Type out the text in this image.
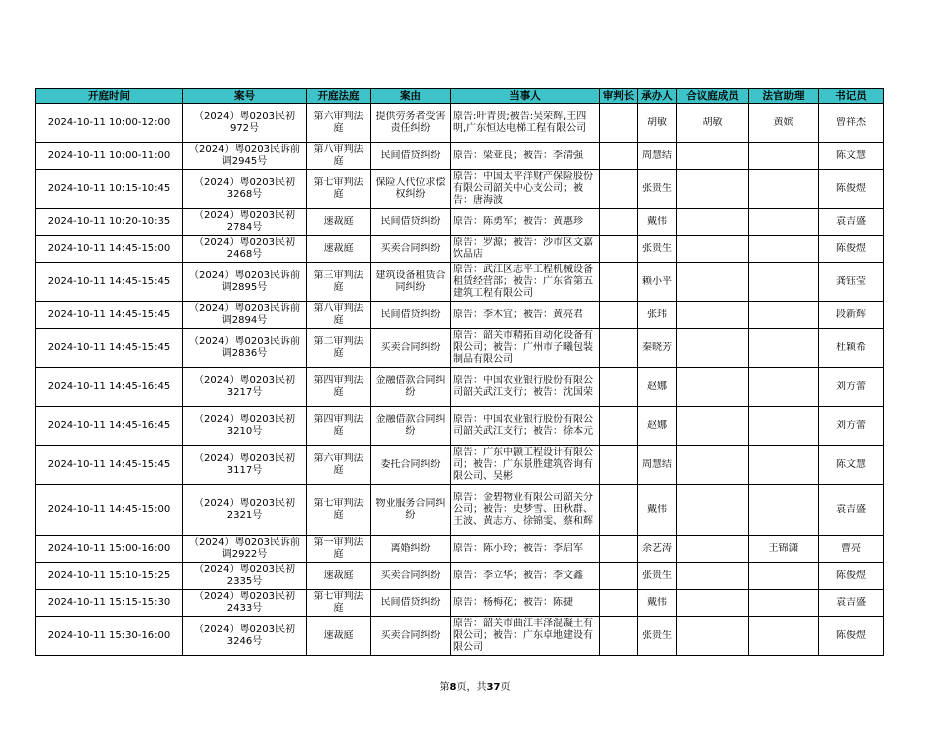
开庭时间	案号	开庭法庭	案由	当事人	审判长	承办人	合议庭成员	法官助理	书记员

2024-10-11 10:00-12:00	（2024）粤0203民初972号	第六审判法庭	提供劳务者受害责任纠纷	原告:叶青贵;被告:吴荣辉,王四明,广东恒达电梯工程有限公司		胡敏	胡敏	黄嫔	曾祥杰

2024-10-11 10:00-11:00	（2024）粤0203民诉前调2945号	第八审判法庭	民间借贷纠纷	原告：梁亚良；被告：李清强		周慧结			陈文慧

2024-10-11 10:15-10:45	（2024）粤0203民初3268号	第七审判法庭	保险人代位求偿权纠纷	原告：中国太平洋财产保险股份有限公司韶关中心支公司；被告：唐海波		张贵生			陈俊煜

2024-10-11 10:20-10:35	（2024）粤0203民初2784号	速裁庭	民间借贷纠纷	原告：陈勇军；被告：黄惠珍		戴伟			袁吉盛

2024-10-11 14:45-15:00	（2024）粤0203民初2468号	速裁庭	买卖合同纠纷	原告：罗源；被告：沙市区文嘉饮品店		张贵生			陈俊煜

2024-10-11 14:45-15:45	（2024）粤0203民诉前调2895号	第三审判法庭	建筑设备租赁合同纠纷	原告：武江区志平工程机械设备租赁经营部；被告：广东省第五建筑工程有限公司		赖小平			龚钰莹

2024-10-11 14:45-15:45	（2024）粤0203民诉前调2894号	第八审判法庭	民间借贷纠纷	原告：李木宜；被告：黄亮君		张玮			段新辉

2024-10-11 14:45-15:45	（2024）粤0203民诉前调2836号	第二审判法庭	买卖合同纠纷	原告：韶关市精拓自动化设备有限公司；被告：广州市子曦包装制品有限公司		秦晓芳			杜颖希

2024-10-11 14:45-16:45	（2024）粤0203民初3217号	第四审判法庭	金融借款合同纠纷	原告：中国农业银行股份有限公司韶关武江支行；被告：沈国荣		赵娜			刘方蕾

2024-10-11 14:45-16:45	（2024）粤0203民初3210号	第四审判法庭	金融借款合同纠纷	原告：中国农业银行股份有限公司韶关武江支行；被告：徐本元		赵娜			刘方蕾

2024-10-11 14:45-15:45	（2024）粤0203民初3117号	第六审判法庭	委托合同纠纷	原告：广东中颢工程设计有限公司；被告：广东景胜建筑咨询有限公司、吴彬		周慧结			陈文慧

2024-10-11 14:45-15:00	（2024）粤0203民初2321号	第七审判法庭	物业服务合同纠纷	原告：金碧物业有限公司韶关分公司；被告：史梦雪、田秋群、王波、黄志方、徐锦雯、蔡和辉		戴伟			袁吉盛

2024-10-11 15:00-16:00	（2024）粤0203民诉前调2922号	第一审判法庭	离婚纠纷	原告：陈小玲；被告：李启军		余艺涛		王锦潇	曹亮

2024-10-11 15:10-15:25	（2024）粤0203民初2335号	速裁庭	买卖合同纠纷	原告：李立华；被告：李文鑫		张贵生			陈俊煜

2024-10-11 15:15-15:30	（2024）粤0203民初2433号	第七审判法庭	民间借贷纠纷	原告：杨梅花；被告：陈捷		戴伟			袁吉盛

2024-10-11 15:30-16:00	（2024）粤0203民初3246号	速裁庭	买卖合同纠纷	原告：韶关市曲江丰泽混凝土有限公司；被告：广东卓地建设有限公司		张贵生			陈俊煜
第8页，共37页
